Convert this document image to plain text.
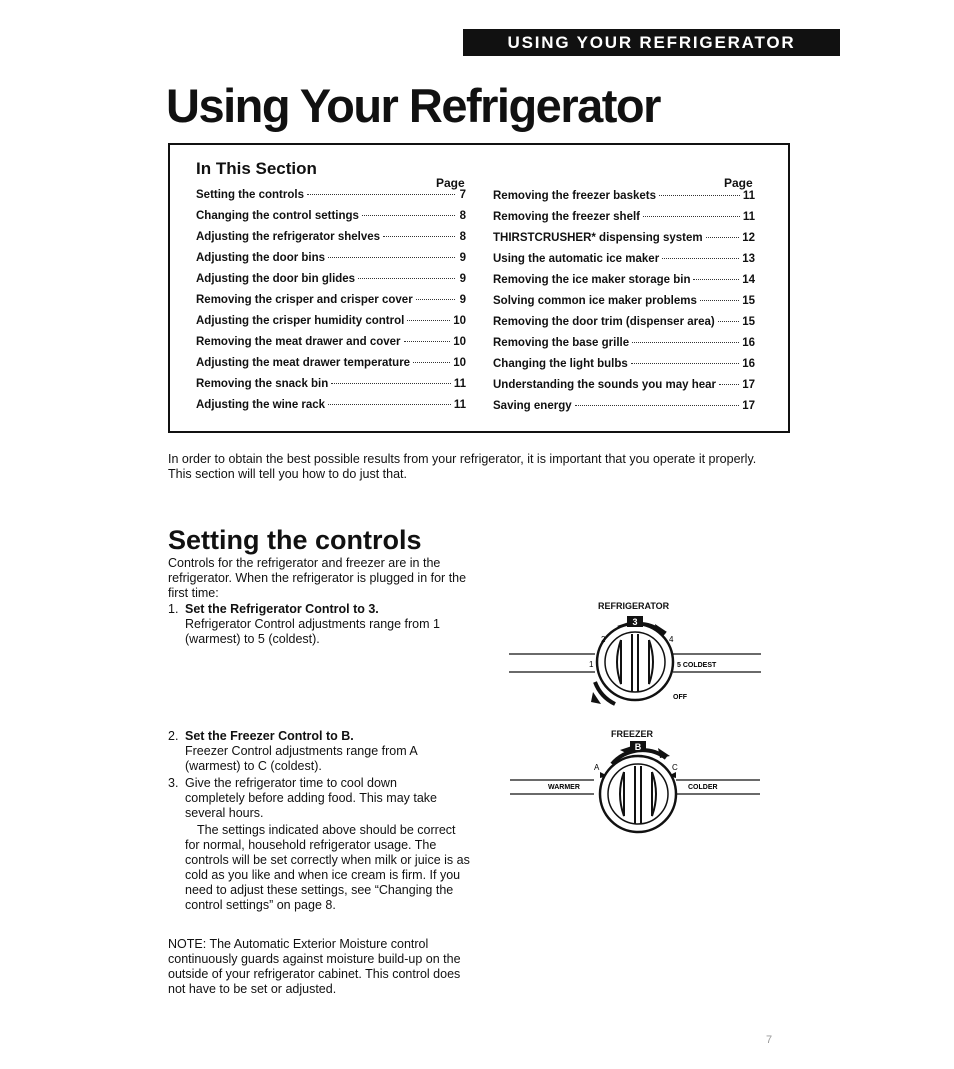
USING YOUR REFRIGERATOR
Using Your Refrigerator
In This Section
Page	Page
Setting the controls	7
Changing the control settings	8
Adjusting the refrigerator shelves	8
Adjusting the door bins	9
Adjusting the door bin glides	9
Removing the crisper and crisper cover	9
Adjusting the crisper humidity control	10
Removing the meat drawer and cover	10
Adjusting the meat drawer temperature	10
Removing the snack bin	11
Adjusting the wine rack	11
Removing the freezer baskets	11
Removing the freezer shelf	11
THIRSTCRUSHER* dispensing system	12
Using the automatic ice maker	13
Removing the ice maker storage bin	14
Solving common ice maker problems	15
Removing the door trim (dispenser area) 15
Removing the base grille	16
Changing the light bulbs	16
Understanding the sounds you may hear 17
Saving energy	17

In order to obtain the best possible results from your refrigerator, it is important that you operate it properly. This section will tell you how to do just that.

Setting the controls

Controls for the refrigerator and freezer are in the refrigerator. When the refrigerator is plugged in for the first time:

1. Set the Refrigerator Control to 3.

Refrigerator Control adjustments range from 1 (warmest) to 5 (coldest).

2. Set the Freezer Control to B.

Freezer Control adjustments range from A (warmest) to C (coldest).

3. Give the refrigerator time to cool down completely before adding food. This may take several hours.

The settings indicated above should be correct for normal, household refrigerator usage. The controls will be set correctly when milk or juice is as cold as you like and when ice cream is firm. If you need to adjust these settings, see “Changing the control settings” on page 8.

NOTE: The Automatic Exterior Moisture control continuously guards against moisture build-up on the outside of your refrigerator cabinet. This control does not have to be set or adjusted.

REFRIGERATOR
3
1
2	4
5 COLDEST
OFF
FREEZER
B
A	C
WARMER	COLDER
7
